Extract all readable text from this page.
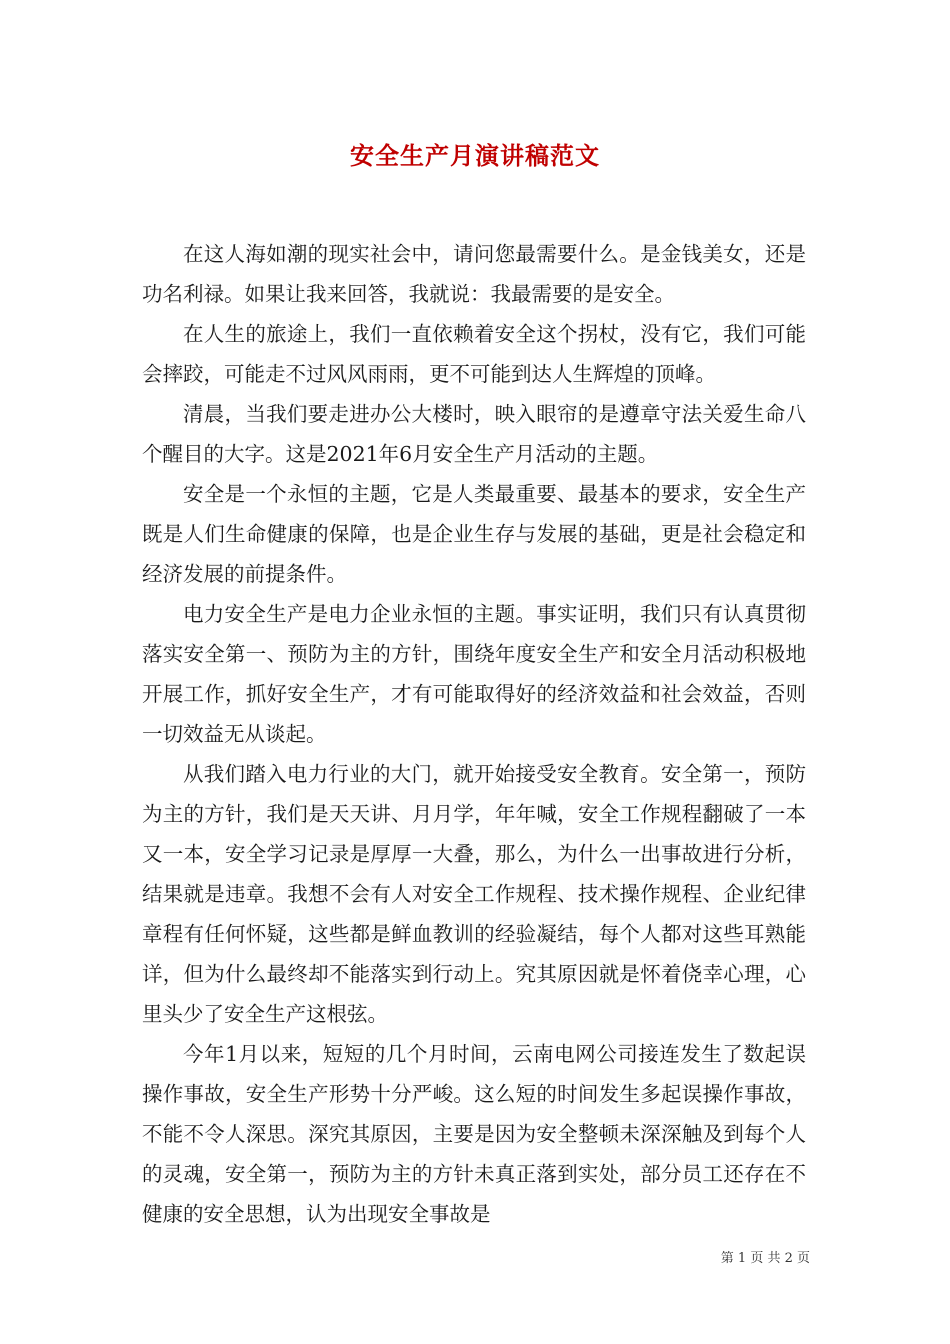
安全生产月演讲稿范文

在这人海如潮的现实社会中，请问您最需要什么。是金钱美女，还是功名利禄。如果让我来回答，我就说：我最需要的是安全。

在人生的旅途上，我们一直依赖着安全这个拐杖，没有它，我们可能会摔跤，可能走不过风风雨雨，更不可能到达人生辉煌的顶峰。

清晨，当我们要走进办公大楼时，映入眼帘的是遵章守法关爱生命八个醒目的大字。这是2021年6月安全生产月活动的主题。

安全是一个永恒的主题，它是人类最重要、最基本的要求，安全生产既是人们生命健康的保障，也是企业生存与发展的基础，更是社会稳定和经济发展的前提条件。

电力安全生产是电力企业永恒的主题。事实证明，我们只有认真贯彻落实安全第一、预防为主的方针，围绕年度安全生产和安全月活动积极地开展工作，抓好安全生产，才有可能取得好的经济效益和社会效益，否则一切效益无从谈起。

从我们踏入电力行业的大门，就开始接受安全教育。安全第一，预防为主的方针，我们是天天讲、月月学，年年喊，安全工作规程翻破了一本又一本，安全学习记录是厚厚一大叠，那么，为什么一出事故进行分析，结果就是违章。我想不会有人对安全工作规程、技术操作规程、企业纪律章程有任何怀疑，这些都是鲜血教训的经验凝结，每个人都对这些耳熟能详，但为什么最终却不能落实到行动上。究其原因就是怀着侥幸心理，心里头少了安全生产这根弦。

今年1月以来，短短的几个月时间，云南电网公司接连发生了数起误操作事故，安全生产形势十分严峻。这么短的时间发生多起误操作事故，不能不令人深思。深究其原因，主要是因为安全整顿未深深触及到每个人的灵魂，安全第一，预防为主的方针未真正落到实处，部分员工还存在不健康的安全思想，认为出现安全事故是

第 1 页 共 2 页
